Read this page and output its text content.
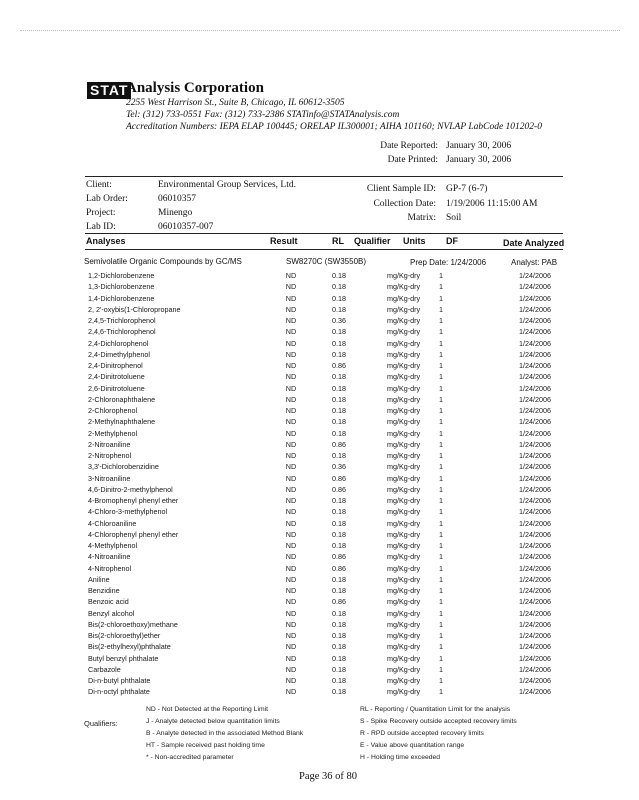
STAT
Analysis Corporation
2255 West Harrison St., Suite B, Chicago, IL 60612-3505
Tel: (312) 733-0551 Fax: (312) 733-2386 STATinfo@STATAnalysis.com
Accreditation Numbers: IEPA ELAP 100445; ORELAP IL300001; AIHA 101160; NVLAP LabCode 101202-0
Date Reported: January 30, 2006
Date Printed: January 30, 2006
Client:	Environmental Group Services, Ltd.
Lab Order:	06010357
Project:	Minengo
Lab ID:	06010357-007
Client Sample ID: GP-7 (6-7)
Collection Date: 1/19/2006 11:15:00 AM
Matrix: Soil
Analyses	Result	RL Qualifier Units DF	Date Analyzed
Semivolatile Organic Compounds by GC/MS	SW8270C (SW3550B)	Prep Date: 1/24/2006	Analyst: PAB
1,2-Dichlorobenzene	ND	0.18	mg/Kg-dry	1	1/24/2006
1,3-Dichlorobenzene	ND	0.18	mg/Kg-dry	1	1/24/2006
1,4-Dichlorobenzene	ND	0.18	mg/Kg-dry	1	1/24/2006
2, 2'-oxybis(1-Chloropropane	ND	0.18	mg/Kg-dry	1	1/24/2006
2,4,5-Trichlorophenol	ND	0.36	mg/Kg-dry	1	1/24/2006
2,4,6-Trichlorophenol	ND	0.18	mg/Kg-dry	1	1/24/2006
2,4-Dichlorophenol	ND	0.18	mg/Kg-dry	1	1/24/2006
2,4-Dimethylphenol	ND	0.18	mg/Kg-dry	1	1/24/2006
2,4-Dinitrophenol	ND	0.86	mg/Kg-dry	1	1/24/2006
2,4-Dinitrotoluene	ND	0.18	mg/Kg-dry	1	1/24/2006
2,6-Dinitrotoluene	ND	0.18	mg/Kg-dry	1	1/24/2006
2-Chloronaphthalene	ND	0.18	mg/Kg-dry	1	1/24/2006
2-Chlorophenol	ND	0.18	mg/Kg-dry	1	1/24/2006
2-Methylnaphthalene	ND	0.18	mg/Kg-dry	1	1/24/2006
2-Methylphenol	ND	0.18	mg/Kg-dry	1	1/24/2006
2-Nitroaniline	ND	0.86	mg/Kg-dry	1	1/24/2006
2-Nitrophenol	ND	0.18	mg/Kg-dry	1	1/24/2006
3,3'-Dichlorobenzidine	ND	0.36	mg/Kg-dry	1	1/24/2006
3-Nitroaniline	ND	0.86	mg/Kg-dry	1	1/24/2006
4,6-Dinitro-2-methylphenol	ND	0.86	mg/Kg-dry	1	1/24/2006
4-Bromophenyl phenyl ether	ND	0.18	mg/Kg-dry	1	1/24/2006
4-Chloro-3-methylphenol	ND	0.18	mg/Kg-dry	1	1/24/2006
4-Chloroaniline	ND	0.18	mg/Kg-dry	1	1/24/2006
4-Chlorophenyl phenyl ether	ND	0.18	mg/Kg-dry	1	1/24/2006
4-Methylphenol	ND	0.18	mg/Kg-dry	1	1/24/2006
4-Nitroaniline	ND	0.86	mg/Kg-dry	1	1/24/2006
4-Nitrophenol	ND	0.86	mg/Kg-dry	1	1/24/2006
Aniline	ND	0.18	mg/Kg-dry	1	1/24/2006
Benzidine	ND	0.18	mg/Kg-dry	1	1/24/2006
Benzoic acid	ND	0.86	mg/Kg-dry	1	1/24/2006
Benzyl alcohol	ND	0.18	mg/Kg-dry	1	1/24/2006
Bis(2-chloroethoxy)methane	ND	0.18	mg/Kg-dry	1	1/24/2006
Bis(2-chloroethyl)ether	ND	0.18	mg/Kg-dry	1	1/24/2006
Bis(2-ethylhexyl)phthalate	ND	0.18	mg/Kg-dry	1	1/24/2006
Butyl benzyl phthalate	ND	0.18	mg/Kg-dry	1	1/24/2006
Carbazole	ND	0.18	mg/Kg-dry	1	1/24/2006
Di-n-butyl phthalate	ND	0.18	mg/Kg-dry	1	1/24/2006
Di-n-octyl phthalate	ND	0.18	mg/Kg-dry	1	1/24/2006
Qualifiers:
ND - Not Detected at the Reporting Limit
J - Analyte detected below quantitation limits
B - Analyte detected in the associated Method Blank
HT - Sample received past holding time
* - Non-accredited parameter
RL - Reporting / Quantitation Limit for the analysis
S - Spike Recovery outside accepted recovery limits
R - RPD outside accepted recovery limits
E - Value above quantitation range
H - Holding time exceeded
Page 36 of 80
